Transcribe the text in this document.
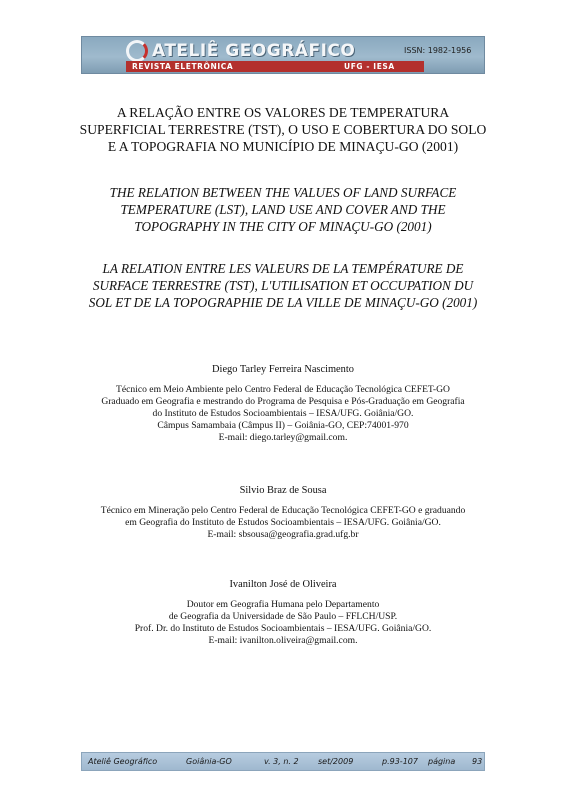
ATELIÊ GEOGRÁFICO
REVISTA ELETRÔNICA	UFG - IESA
ISSN: 1982-1956
A RELAÇÃO ENTRE OS VALORES DE TEMPERATURA
SUPERFICIAL TERRESTRE (TST), O USO E COBERTURA DO SOLO
E A TOPOGRAFIA NO MUNICÍPIO DE MINAÇU-GO (2001)
THE RELATION BETWEEN THE VALUES OF LAND SURFACE
TEMPERATURE (LST), LAND USE AND COVER AND THE
TOPOGRAPHY IN THE CITY OF MINAÇU-GO (2001)
LA RELATION ENTRE LES VALEURS DE LA TEMPÉRATURE DE
SURFACE TERRESTRE (TST), L'UTILISATION ET OCCUPATION DU
SOL ET DE LA TOPOGRAPHIE DE LA VILLE DE MINAÇU-GO (2001)
Diego Tarley Ferreira Nascimento
Técnico em Meio Ambiente pelo Centro Federal de Educação Tecnológica CEFET-GO
Graduado em Geografia e mestrando do Programa de Pesquisa e Pós-Graduação em Geografia
do Instituto de Estudos Socioambientais – IESA/UFG. Goiânia/GO.
Câmpus Samambaia (Câmpus II) – Goiânia-GO, CEP:74001-970
E-mail: diego.tarley@gmail.com.
Silvio Braz de Sousa
Técnico em Mineração pelo Centro Federal de Educação Tecnológica CEFET-GO e graduando
em Geografia do Instituto de Estudos Socioambientais – IESA/UFG. Goiânia/GO.
E-mail: sbsousa@geografia.grad.ufg.br
Ivanilton José de Oliveira
Doutor em Geografia Humana pelo Departamento
de Geografia da Universidade de São Paulo – FFLCH/USP.
Prof. Dr. do Instituto de Estudos Socioambientais – IESA/UFG. Goiânia/GO.
E-mail: ivanilton.oliveira@gmail.com.
Ateliê Geográfico	Goiânia-GO	v. 3, n. 2 set/2009	p.93-107 página 93
